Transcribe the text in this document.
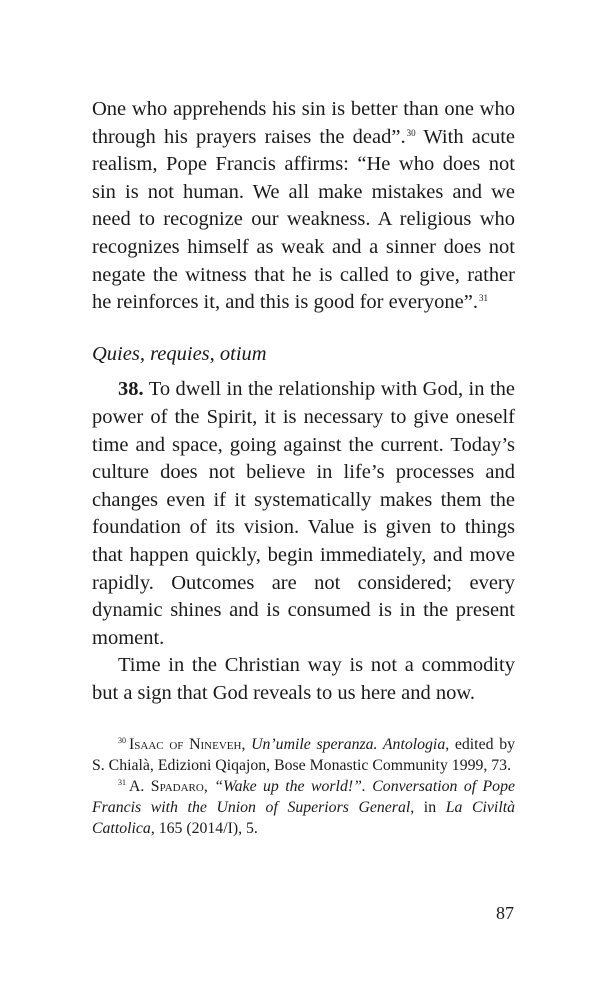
One who apprehends his sin is better than one who through his prayers raises the dead”.$^{30}$ With acute realism, Pope Francis affirms: “He who does not sin is not human. We all make mistakes and we need to recognize our weakness. A religious who recognizes himself as weak and a sinner does not negate the witness that he is called to give, rather he reinforces it, and this is good for everyone”.$^{31}$

Quies, requies, otium

38. To dwell in the relationship with God, in the power of the Spirit, it is necessary to give oneself time and space, going against the current. Today’s culture does not believe in life’s processes and changes even if it systematically makes them the foundation of its vision. Value is given to things that happen quickly, begin immediately, and move rapidly. Outcomes are not considered; every dynamic shines and is consumed is in the present moment.

Time in the Christian way is not a commodity but a sign that God reveals to us here and now.

$^{30}$ Isaac of Nineveh, Un’umile speranza. Antologia, edited by S. Chialà, Edizioni Qiqajon, Bose Monastic Community 1999, 73.

$^{31}$ A. Spadaro, “Wake up the world!”. Conversation of Pope Francis with the Union of Superiors General, in La Civiltà Cattolica, 165 (2014/I), 5.

87
